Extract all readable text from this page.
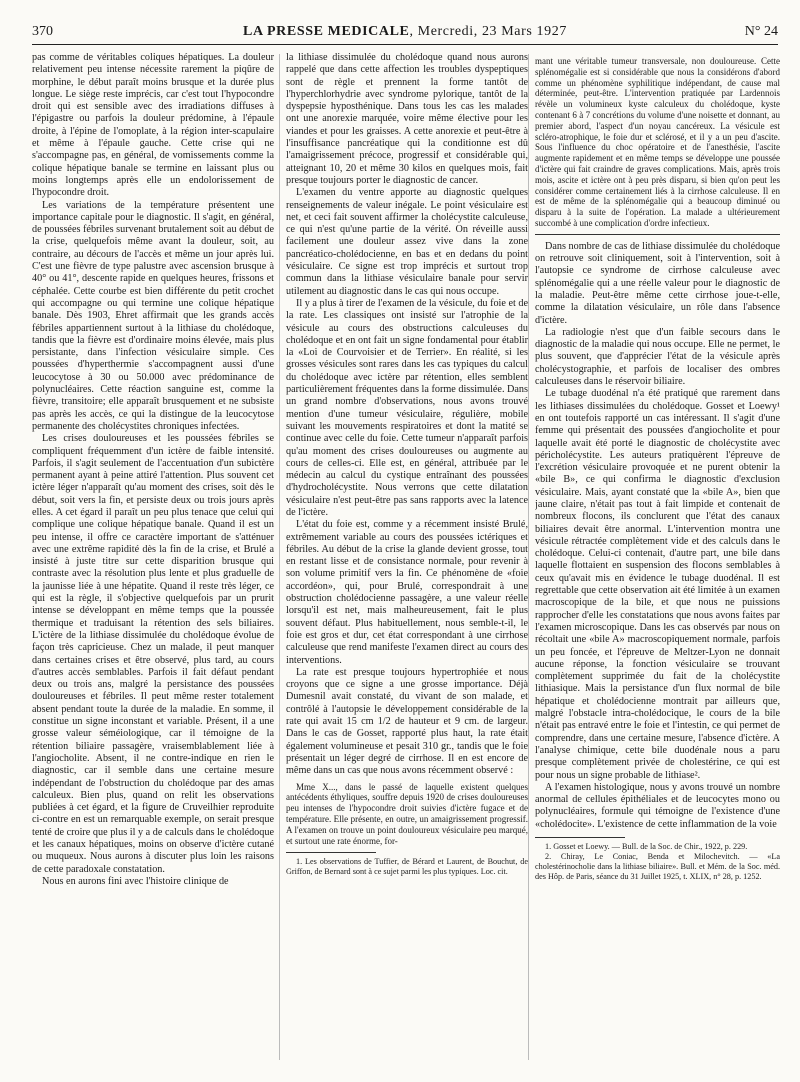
370	LA PRESSE MEDICALE, Mercredi, 23 Mars 1927	N° 24

pas comme de véritables coliques hépatiques. La douleur relativement peu intense nécessite rarement la piqûre de morphine, le début paraît moins brusque et la durée plus longue. Le siège reste imprécis, car c'est tout l'hypocondre droit qui est sensible avec des irradiations diffuses à l'épigastre ou parfois la douleur prédomine, à l'épaule droite, à l'épine de l'omoplate, à la région inter-scapulaire et même à l'épaule gauche. Cette crise qui ne s'accompagne pas, en général, de vomissements comme la colique hépatique banale se termine en laissant plus ou moins longtemps après elle un endolorissement de l'hypocondre droit.

Les variations de la température présentent une importance capitale pour le diagnostic. Il s'agit, en général, de poussées fébriles survenant brutalement soit au début de la crise, quelquefois même avant la douleur, soit, au contraire, au décours de l'accès et même un jour après lui. C'est une fièvre de type palustre avec ascension brusque à 40° ou 41°, descente rapide en quelques heures, frissons et céphalée. Cette courbe est bien différente du petit crochet qui accompagne ou qui termine une colique hépatique banale. Dès 1903, Ehret affirmait que les grands accès fébriles appartiennent surtout à la lithiase du cholédoque, tandis que la fièvre est d'ordinaire moins élevée, mais plus persistante, dans l'infection vésiculaire simple. Ces poussées d'hyperthermie s'accompagnent aussi d'une leucocytose à 30 ou 50.000 avec prédominance de polynucléaires. Cette réaction sanguine est, comme la fièvre, transitoire; elle apparaît brusquement et ne subsiste pas après les accès, ce qui la distingue de la leucocytose permanente des cholécystites chroniques infectées.

Les crises douloureuses et les poussées fébriles se compliquent fréquemment d'un ictère de faible intensité. Parfois, il s'agit seulement de l'accentuation d'un subictère permanent ayant à peine attiré l'attention. Plus souvent cet ictère léger n'apparaît qu'au moment des crises, soit dès le début, soit vers la fin, et persiste deux ou trois jours après elles. A cet égard il paraît un peu plus tenace que celui qui complique une colique hépatique banale. Quand il est un peu intense, il offre ce caractère important de s'atténuer avec une extrême rapidité dès la fin de la crise, et Brulé a insisté à juste titre sur cette disparition brusque qui contraste avec la résolution plus lente et plus graduelle de la jaunisse liée à une hépatite. Quand il reste très léger, ce qui est la règle, il s'objective quelquefois par un prurit intense se développant en même temps que la poussée thermique et traduisant la rétention des sels biliaires. L'ictère de la lithiase dissimulée du cholédoque évolue de façon très capricieuse. Chez un malade, il peut manquer dans certaines crises et être observé, plus tard, au cours d'autres accès semblables. Parfois il fait défaut pendant deux ou trois ans, malgré la persistance des poussées douloureuses et fébriles. Il peut même rester totalement absent pendant toute la durée de la maladie. En somme, il constitue un signe inconstant et variable. Présent, il a une grosse valeur séméiologique, car il témoigne de la rétention biliaire passagère, vraisemblablement liée à l'angiocholite. Absent, il ne contre-indique en rien le diagnostic, car il semble dans une certaine mesure indépendant de l'obstruction du cholédoque par des amas calculeux. Bien plus, quand on relit les observations publiées à cet égard, et la figure de Cruveilhier reproduite ci-contre en est un remarquable exemple, on serait presque tenté de croire que plus il y a de calculs dans le cholédoque et les canaux hépatiques, moins on observe d'ictère cutané ou muqueux. Nous aurons à discuter plus loin les raisons de cette paradoxale constatation.

Nous en aurons fini avec l'histoire clinique de

la lithiase dissimulée du cholédoque quand nous aurons rappelé que dans cette affection les troubles dyspeptiques sont de règle et prennent la forme tantôt de l'hyperchlorhydrie avec syndrome pylorique, tantôt de la dyspepsie hyposthénique. Dans tous les cas les malades ont une anorexie marquée, voire même élective pour les viandes et pour les graisses. A cette anorexie et peut-être à l'insuffisance pancréatique qui la conditionne est dû l'amaigrissement précoce, progressif et considérable qui, atteignant 10, 20 et même 30 kilos en quelques mois, fait presque toujours porter le diagnostic de cancer.

L'examen du ventre apporte au diagnostic quelques renseignements de valeur inégale. Le point vésiculaire est net, et ceci fait souvent affirmer la cholécystite calculeuse, ce qui n'est qu'une partie de la vérité. On réveille aussi facilement une douleur assez vive dans la zone pancréatico-cholédocienne, en bas et en dedans du point vésiculaire. Ce signe est trop imprécis et surtout trop commun dans la lithiase vésiculaire banale pour servir utilement au diagnostic dans le cas qui nous occupe.

Il y a plus à tirer de l'examen de la vésicule, du foie et de la rate. Les classiques ont insisté sur l'atrophie de la vésicule au cours des obstructions calculeuses du cholédoque et en ont fait un signe fondamental pour établir la «Loi de Courvoisier et de Terrier». En réalité, si les grosses vésicules sont rares dans les cas typiques du calcul du cholédoque avec ictère par rétention, elles semblent particulièrement fréquentes dans la forme dissimulée. Dans un grand nombre d'observations, nous avons trouvé mention d'une tumeur vésiculaire, régulière, mobile suivant les mouvements respiratoires et dont la matité se continue avec celle du foie. Cette tumeur n'apparaît parfois qu'au moment des crises douloureuses ou augmente au cours de celles-ci. Elle est, en général, attribuée par le médecin au calcul du cystique entraînant des poussées d'hydrocholécystite. Nous verrons que cette dilatation vésiculaire n'est peut-être pas sans rapports avec la latence de l'ictère.

L'état du foie est, comme y a récemment insisté Brulé, extrêmement variable au cours des poussées ictériques et fébriles. Au début de la crise la glande devient grosse, tout en restant lisse et de consistance normale, pour revenir à son volume primitif vers la fin. Ce phénomène de «foie accordéon», qui, pour Brulé, correspondrait à une obstruction cholédocienne passagère, a une valeur réelle lorsqu'il est net, mais malheureusement, fait le plus souvent défaut. Plus habituellement, nous semble-t-il, le foie est gros et dur, cet état correspondant à une cirrhose calculeuse que rend manifeste l'examen direct au cours des interventions.

La rate est presque toujours hypertrophiée et nous croyons que ce signe a une grosse importance. Déjà Dumesnil avait constaté, du vivant de son malade, et contrôlé à l'autopsie le développement considérable de la rate qui avait 15 cm 1/2 de hauteur et 9 cm. de largeur. Dans le cas de Gosset, rapporté plus haut, la rate était également volumineuse et pesait 310 gr., tandis que le foie présentait un léger degré de cirrhose. Il en est encore de même dans un cas que nous avons récemment observé :

Mme X..., dans le passé de laquelle existent quelques antécédents éthyliques, souffre depuis 1920 de crises douloureuses peu intenses de l'hypocondre droit suivies d'ictère fugace et de température. Elle présente, en outre, un amaigrissement progressif. A l'examen on trouve un point douloureux vésiculaire peu marqué, et surtout une rate énorme, for-

1. Les observations de Tuffier, de Bérard et Laurent, de Bouchut, de Griffon, de Bernard sont à ce sujet parmi les plus typiques. Loc. cit.

mant une véritable tumeur transversale, non douloureuse. Cette splénomégalie est si considérable que nous la considérons d'abord comme un phénomène syphilitique indépendant, de cause mal déterminée, peut-être. L'intervention pratiquée par Lardennois révèle un volumineux kyste calculeux du cholédoque, kyste contenant 6 à 7 concrétions du volume d'une noisette et donnant, au premier abord, l'aspect d'un noyau cancéreux. La vésicule est scléro-atrophique, le foie dur et sclérosé, et il y a un peu d'ascite. Sous l'influence du choc opératoire et de l'anesthésie, l'ascite augmente rapidement et en même temps se développe une poussée d'ictère qui fait craindre de graves complications. Mais, après trois mois, ascite et ictère ont à peu près disparu, si bien qu'on peut les considérer comme certainement liés à la cirrhose calculeuse. Il en est de même de la splénomégalie qui a beaucoup diminué ou disparu à la suite de l'opération. La malade a ultérieurement succombé à une complication d'ordre infectieux.

Dans nombre de cas de lithiase dissimulée du cholédoque on retrouve soit cliniquement, soit à l'intervention, soit à l'autopsie ce syndrome de cirrhose calculeuse avec splénomégalie qui a une réelle valeur pour le diagnostic de la maladie. Peut-être même cette cirrhose joue-t-elle, comme la dilatation vésiculaire, un rôle dans l'absence d'ictère.

La radiologie n'est que d'un faible secours dans le diagnostic de la maladie qui nous occupe. Elle ne permet, le plus souvent, que d'apprécier l'état de la vésicule après cholécystographie, et parfois de localiser des ombres calculeuses dans le réservoir biliaire.

Le tubage duodénal n'a été pratiqué que rarement dans les lithiases dissimulées du cholédoque. Gosset et Loewy¹ en ont toutefois rapporté un cas intéressant. Il s'agit d'une femme qui présentait des poussées d'angiocholite et pour laquelle avait été porté le diagnostic de cholécystite avec péricholécystite. Les auteurs pratiquèrent l'épreuve de l'excrétion vésiculaire provoquée et ne purent obtenir la «bile B», ce qui confirma le diagnostic d'exclusion vésiculaire. Mais, ayant constaté que la «bile A», bien que jaune claire, n'était pas tout à fait limpide et contenait de nombreux flocons, ils conclurent que l'état des canaux biliaires devait être anormal. L'intervention montra une vésicule rétractée complètement vide et des calculs dans le cholédoque. Celui-ci contenait, d'autre part, une bile dans laquelle flottaient en suspension des flocons semblables à ceux qu'avait mis en évidence le tubage duodénal. Il est regrettable que cette observation ait été limitée à un examen macroscopique de la bile, et que nous ne puissions rapprocher d'elle les constatations que nous avons faites par l'examen microscopique. Dans les cas observés par nous on récoltait une «bile A» macroscopiquement normale, parfois un peu foncée, et l'épreuve de Meltzer-Lyon ne donnait aucune réponse, la fonction vésiculaire se trouvant complètement supprimée du fait de la cholécystite lithiasique. Mais la persistance d'un flux normal de bile hépatique et cholédocienne montrait par ailleurs que, malgré l'obstacle intra-cholédocique, le cours de la bile n'était pas entravé entre le foie et l'intestin, ce qui permet de comprendre, dans une certaine mesure, l'absence d'ictère. A l'analyse chimique, cette bile duodénale nous a paru presque complètement privée de cholestérine, ce qui est pour nous un signe probable de lithiase².

A l'examen histologique, nous y avons trouvé un nombre anormal de cellules épithéliales et de leucocytes mono ou polynucléaires, formule qui témoigne de l'existence d'une «cholédocite». L'existence de cette inflammation de la voie

1. Gosset et Loewy. — Bull. de la Soc. de Chir., 1922, p. 229.

2. Chiray, Le Coniac, Benda et Milochevitch. — «La cholestérinocholie dans la lithiase biliaire». Bull. et Mém. de la Soc. méd. des Hôp. de Paris, séance du 31 Juillet 1925, t. XLIX, n° 28, p. 1252.
